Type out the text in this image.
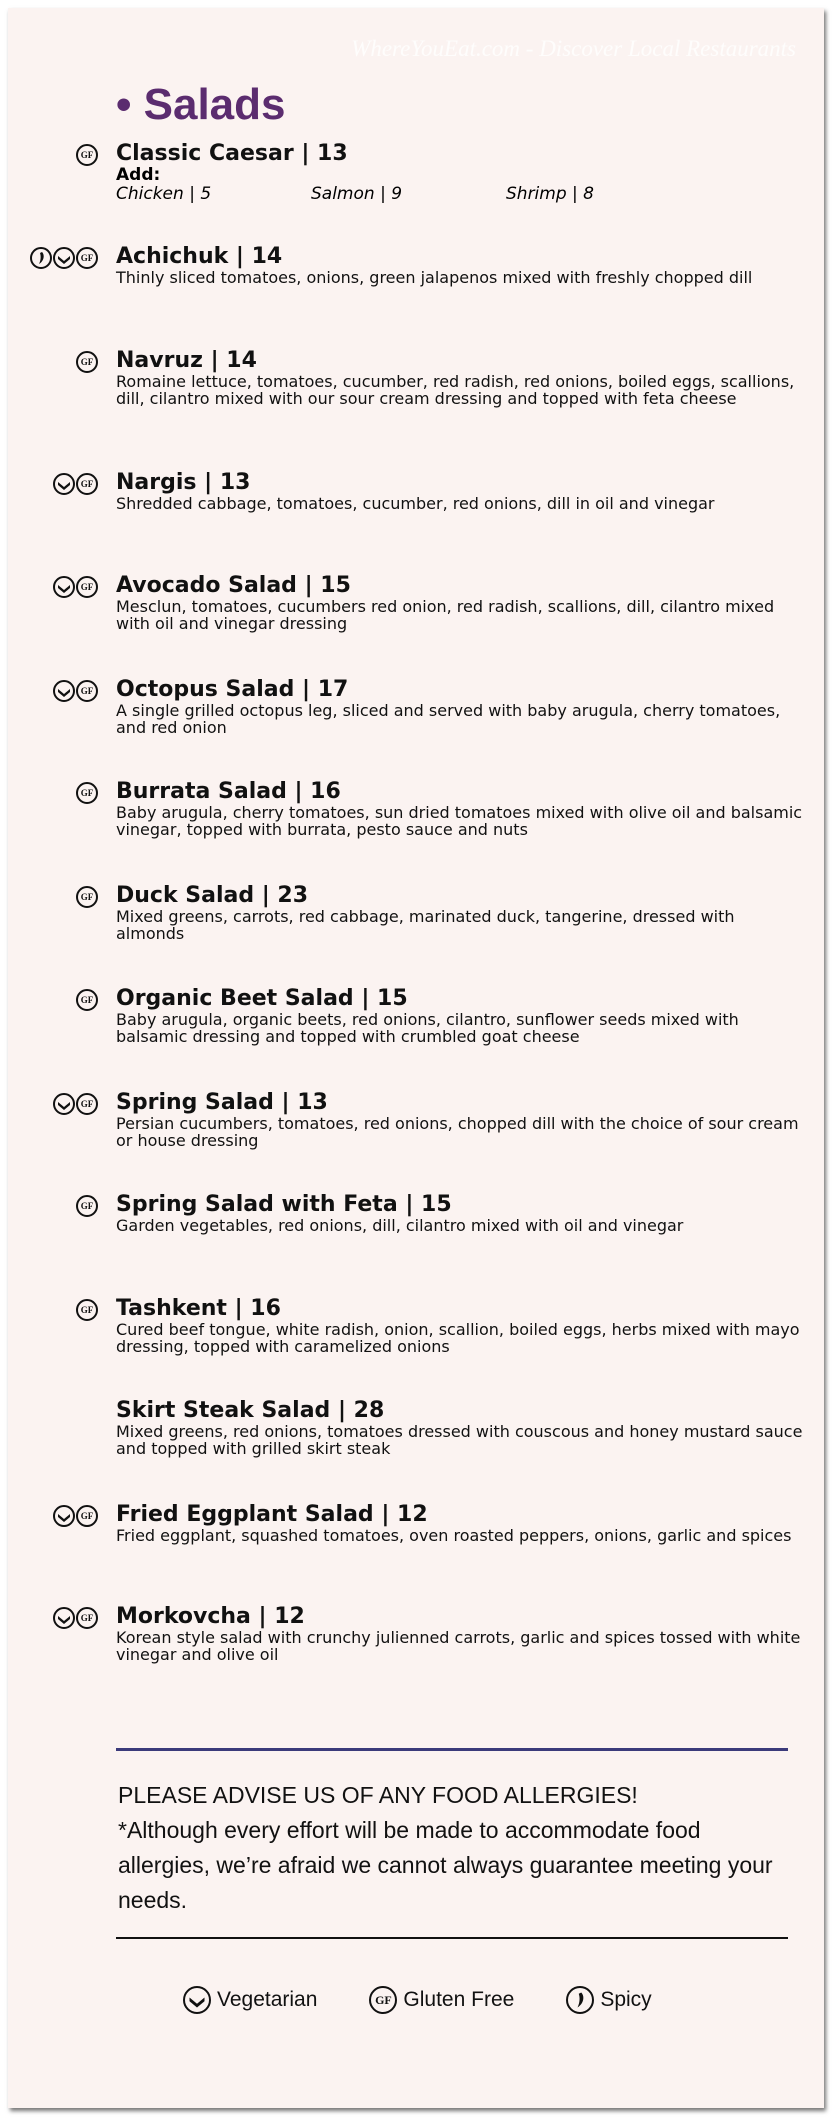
WhereYouEat.com - Discover Local Restaurants
• Salads
GF Classic Caesar | 13
Add:
Chicken | 5	Salmon | 9	Shrimp | 8
GF Achichuk | 14
Thinly sliced tomatoes, onions, green jalapenos mixed with freshly chopped dill
GF Navruz | 14
Romaine lettuce, tomatoes, cucumber, red radish, red onions, boiled eggs, scallions, dill, cilantro mixed with our sour cream dressing and topped with feta cheese
GF Nargis | 13
Shredded cabbage, tomatoes, cucumber, red onions, dill in oil and vinegar
GF Avocado Salad | 15
Mesclun, tomatoes, cucumbers red onion, red radish, scallions, dill, cilantro mixed with oil and vinegar dressing
GF Octopus Salad | 17
A single grilled octopus leg, sliced and served with baby arugula, cherry tomatoes, and red onion
GF Burrata Salad | 16
Baby arugula, cherry tomatoes, sun dried tomatoes mixed with olive oil and balsamic vinegar, topped with burrata, pesto sauce and nuts
GF Duck Salad | 23
Mixed greens, carrots, red cabbage, marinated duck, tangerine, dressed with almonds
GF Organic Beet Salad | 15
Baby arugula, organic beets, red onions, cilantro, sunflower seeds mixed with balsamic dressing and topped with crumbled goat cheese
GF Spring Salad | 13
Persian cucumbers, tomatoes, red onions, chopped dill with the choice of sour cream or house dressing
GF Spring Salad with Feta | 15
Garden vegetables, red onions, dill, cilantro mixed with oil and vinegar
GF Tashkent | 16
Cured beef tongue, white radish, onion, scallion, boiled eggs, herbs mixed with mayo dressing, topped with caramelized onions
Skirt Steak Salad | 28
Mixed greens, red onions, tomatoes dressed with couscous and honey mustard sauce and topped with grilled skirt steak
GF Fried Eggplant Salad | 12
Fried eggplant, squashed tomatoes, oven roasted peppers, onions, garlic and spices
GF Morkovcha | 12
Korean style salad with crunchy julienned carrots, garlic and spices tossed with white vinegar and olive oil
PLEASE ADVISE US OF ANY FOOD ALLERGIES!
*Although every effort will be made to accommodate food allergies, we’re afraid we cannot always guarantee meeting your needs.
Vegetarian	GF Gluten Free	Spicy
